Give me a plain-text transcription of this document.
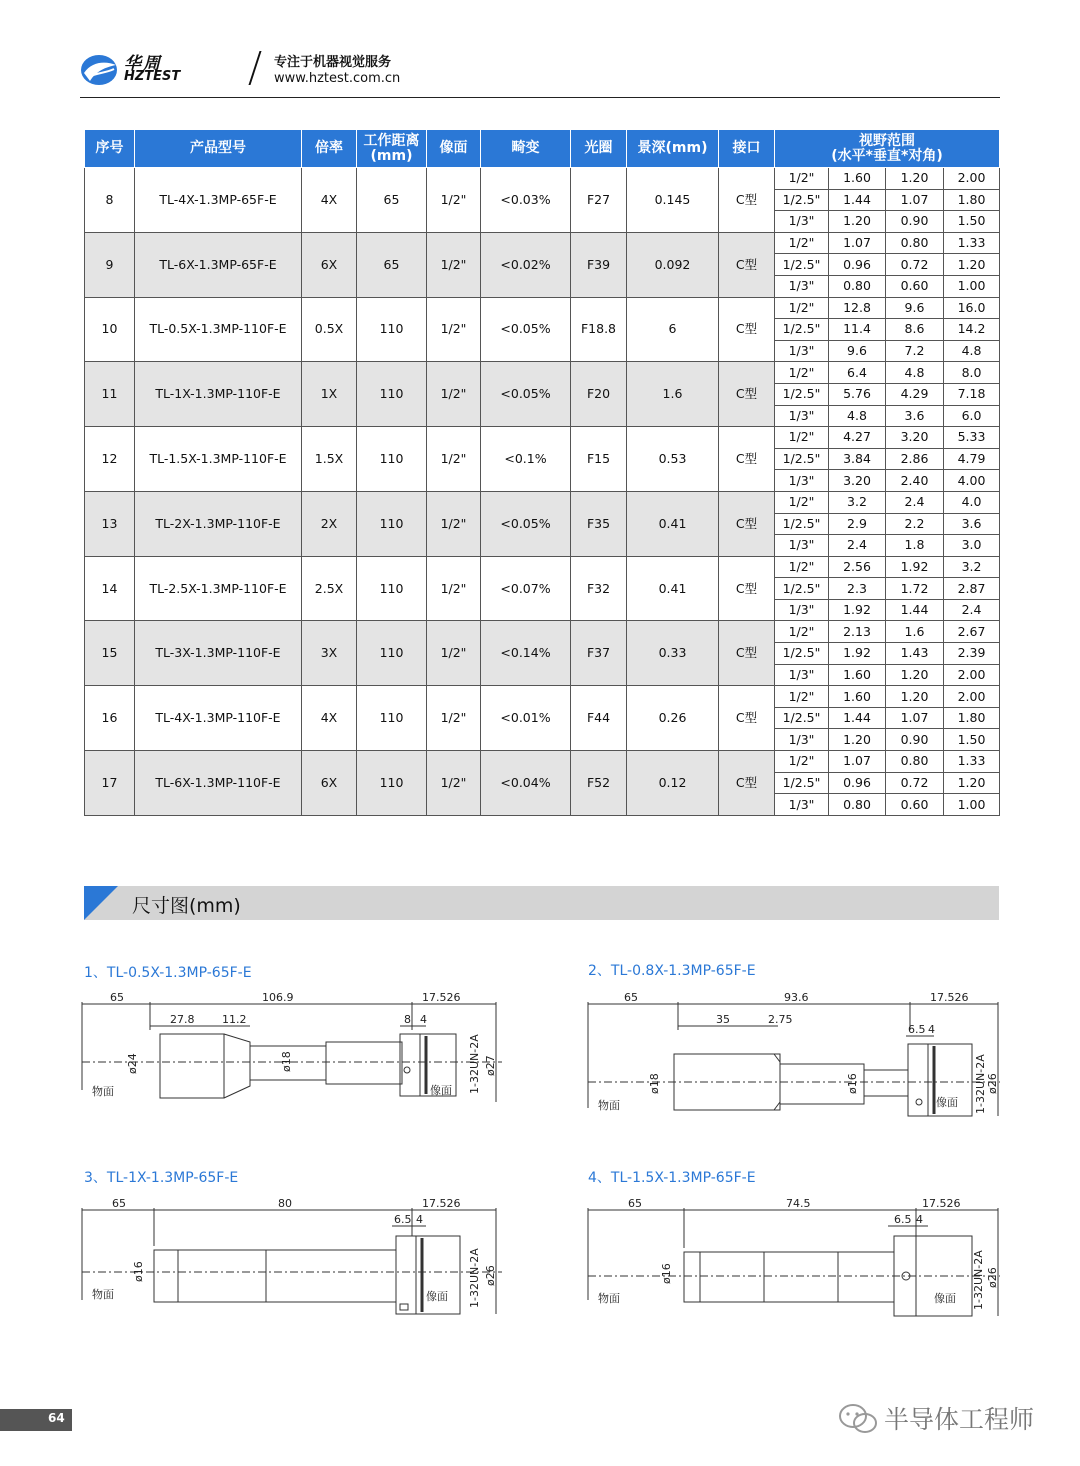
华周
HZTEST
专注于机器视觉服务
www.hztest.com.cn
序号	产品型号	倍率	工作距离
(mm)	像面	畸变	光圈	景深(mm)	接口	视野范围
(水平*垂直*对角)			
8	TL-4X-1.3MP-65F-E	4X	65	1/2"	<0.03%	F27	0.145	C型	1/2"	1.60	1.20	2.00
									1/2.5"	1.44	1.07	1.80
									1/3"	1.20	0.90	1.50
9	TL-6X-1.3MP-65F-E	6X	65	1/2"	<0.02%	F39	0.092	C型	1/2"	1.07	0.80	1.33
									1/2.5"	0.96	0.72	1.20
									1/3"	0.80	0.60	1.00
10	TL-0.5X-1.3MP-110F-E	0.5X	110	1/2"	<0.05%	F18.8	6	C型	1/2"	12.8	9.6	16.0
									1/2.5"	11.4	8.6	14.2
									1/3"	9.6	7.2	4.8
11	TL-1X-1.3MP-110F-E	1X	110	1/2"	<0.05%	F20	1.6	C型	1/2"	6.4	4.8	8.0
									1/2.5"	5.76	4.29	7.18
									1/3"	4.8	3.6	6.0
12	TL-1.5X-1.3MP-110F-E	1.5X	110	1/2"	<0.1%	F15	0.53	C型	1/2"	4.27	3.20	5.33
									1/2.5"	3.84	2.86	4.79
									1/3"	3.20	2.40	4.00
13	TL-2X-1.3MP-110F-E	2X	110	1/2"	<0.05%	F35	0.41	C型	1/2"	3.2	2.4	4.0
									1/2.5"	2.9	2.2	3.6
									1/3"	2.4	1.8	3.0
14	TL-2.5X-1.3MP-110F-E	2.5X	110	1/2"	<0.07%	F32	0.41	C型	1/2"	2.56	1.92	3.2
									1/2.5"	2.3	1.72	2.87
									1/3"	1.92	1.44	2.4
15	TL-3X-1.3MP-110F-E	3X	110	1/2"	<0.14%	F37	0.33	C型	1/2"	2.13	1.6	2.67
									1/2.5"	1.92	1.43	2.39
									1/3"	1.60	1.20	2.00
16	TL-4X-1.3MP-110F-E	4X	110	1/2"	<0.01%	F44	0.26	C型	1/2"	1.60	1.20	2.00
									1/2.5"	1.44	1.07	1.80
									1/3"	1.20	0.90	1.50
17	TL-6X-1.3MP-110F-E	6X	110	1/2"	<0.04%	F52	0.12	C型	1/2"	1.07	0.80	1.33
									1/2.5"	0.96	0.72	1.20
									1/3"	0.80	0.60	1.00
尺寸图(mm)
1、TL-0.5X-1.3MP-65F-E
65	106.9	17.526
27.8	11.2	8 4
ø24	ø18	1-32UN-2A ø27
物面	像面
2、TL-0.8X-1.3MP-65F-E
65	93.6	17.526
35	2.75
6.5 4
ø18	ø16	1-32UN-2A ø26
物面	像面
3、TL-1X-1.3MP-65F-E
65	80	17.526
6.5 4
ø16	1-32UN-2A ø26
物面	像面
4、TL-1.5X-1.3MP-65F-E
65	74.5	17.526
6.5 4
ø16	1-32UN-2A ø26
物面	像面
64	半导体工程师
